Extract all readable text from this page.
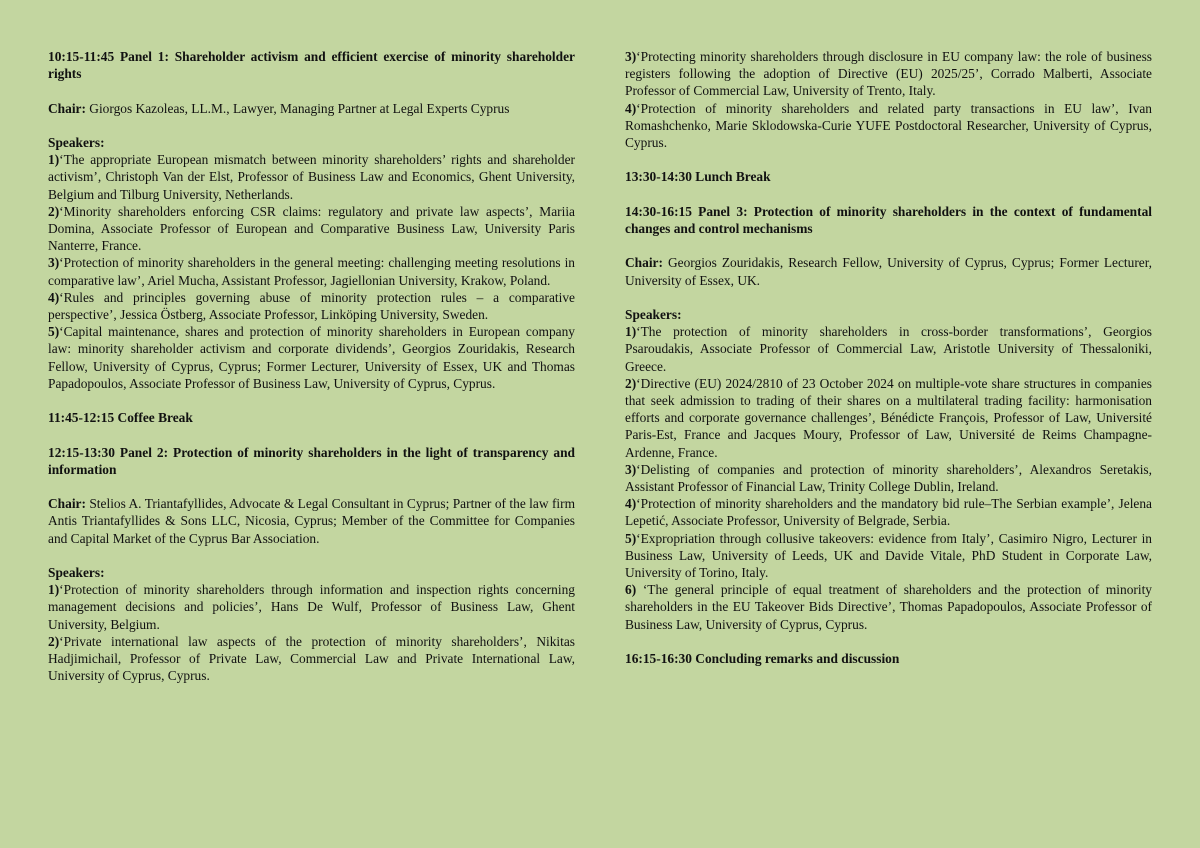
10:15-11:45 Panel 1: Shareholder activism and efficient exercise of minority shareholder rights
Chair: Giorgos Kazoleas, LL.M., Lawyer, Managing Partner at Legal Experts Cyprus
Speakers:
1)‘The appropriate European mismatch between minority shareholders’ rights and shareholder activism’, Christoph Van der Elst, Professor of Business Law and Economics, Ghent University, Belgium and Tilburg University, Netherlands.
2)‘Minority shareholders enforcing CSR claims: regulatory and private law aspects’, Mariia Domina, Associate Professor of European and Comparative Business Law, University Paris Nanterre, France.
3)‘Protection of minority shareholders in the general meeting: challenging meeting resolutions in comparative law’, Ariel Mucha, Assistant Professor, Jagiellonian University, Krakow, Poland.
4)‘Rules and principles governing abuse of minority protection rules – a comparative perspective’, Jessica Östberg, Associate Professor, Linköping University, Sweden.
5)‘Capital maintenance, shares and protection of minority shareholders in European company law: minority shareholder activism and corporate dividends’, Georgios Zouridakis, Research Fellow, University of Cyprus, Cyprus; Former Lecturer, University of Essex, UK and Thomas Papadopoulos, Associate Professor of Business Law, University of Cyprus, Cyprus.
11:45-12:15 Coffee Break
12:15-13:30 Panel 2: Protection of minority shareholders in the light of transparency and information
Chair: Stelios A. Triantafyllides, Advocate & Legal Consultant in Cyprus; Partner of the law firm Antis Triantafyllides & Sons LLC, Nicosia, Cyprus; Member of the Committee for Companies and Capital Market of the Cyprus Bar Association.
Speakers:
1)‘Protection of minority shareholders through information and inspection rights concerning management decisions and policies’, Hans De Wulf, Professor of Business Law, Ghent University, Belgium.
2)‘Private international law aspects of the protection of minority shareholders’, Nikitas Hadjimichail, Professor of Private Law, Commercial Law and Private International Law, University of Cyprus, Cyprus.
3)‘Protecting minority shareholders through disclosure in EU company law: the role of business registers following the adoption of Directive (EU) 2025/25’, Corrado Malberti, Associate Professor of Commercial Law, University of Trento, Italy.
4)‘Protection of minority shareholders and related party transactions in EU law’, Ivan Romashchenko, Marie Sklodowska-Curie YUFE Postdoctoral Researcher, University of Cyprus, Cyprus.
13:30-14:30 Lunch Break
14:30-16:15 Panel 3: Protection of minority shareholders in the context of fundamental changes and control mechanisms
Chair: Georgios Zouridakis, Research Fellow, University of Cyprus, Cyprus; Former Lecturer, University of Essex, UK.
Speakers:
1)‘The protection of minority shareholders in cross-border transformations’, Georgios Psaroudakis, Associate Professor of Commercial Law, Aristotle University of Thessaloniki, Greece.
2)‘Directive (EU) 2024/2810 of 23 October 2024 on multiple-vote share structures in companies that seek admission to trading of their shares on a multilateral trading facility: harmonisation efforts and corporate governance challenges’, Bénédicte François, Professor of Law, Université Paris-Est, France and Jacques Moury, Professor of Law, Université de Reims Champagne-Ardenne, France.
3)‘Delisting of companies and protection of minority shareholders’, Alexandros Seretakis, Assistant Professor of Financial Law, Trinity College Dublin, Ireland.
4)‘Protection of minority shareholders and the mandatory bid rule–The Serbian example’, Jelena Lepetić, Associate Professor, University of Belgrade, Serbia.
5)‘Expropriation through collusive takeovers: evidence from Italy’, Casimiro Nigro, Lecturer in Business Law, University of Leeds, UK and Davide Vitale, PhD Student in Corporate Law, University of Torino, Italy.
6) ‘The general principle of equal treatment of shareholders and the protection of minority shareholders in the EU Takeover Bids Directive’, Thomas Papadopoulos, Associate Professor of Business Law, University of Cyprus, Cyprus.
16:15-16:30 Concluding remarks and discussion
